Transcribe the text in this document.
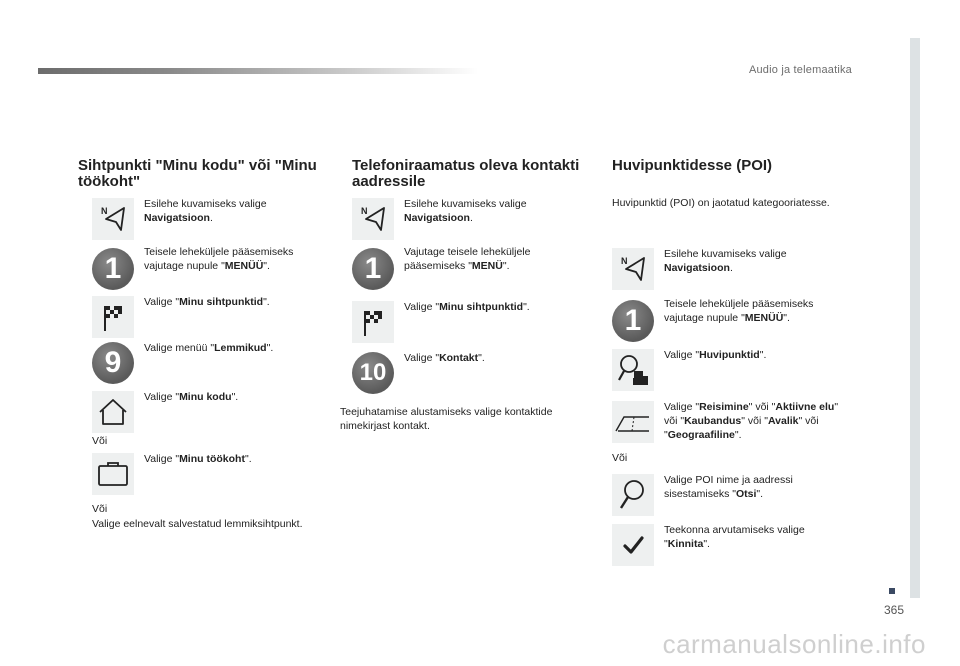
Audio ja telemaatika
365
Sihtpunkti "Minu kodu" või "Minu töökoht"
N
Esilehe kuvamiseks valige Navigatsioon.
1	Teisele leheküljele pääsemiseks vajutage nupule "MENÜÜ".
Valige "Minu sihtpunktid".
9	Valige menüü "Lemmikud".
Valige "Minu kodu".
Või
Valige "Minu töökoht".
Või
Valige eelnevalt salvestatud lemmiksihtpunkt.
Telefoniraamatus oleva kontakti aadressile
N
Esilehe kuvamiseks valige Navigatsioon.
1	Vajutage teisele leheküljele pääsemiseks "MENÜ".
Valige "Minu sihtpunktid".
10
Valige "Kontakt".
Teejuhatamise alustamiseks valige kontaktide nimekirjast kontakt.
Huvipunktidesse (POI)
Huvipunktid (POI) on jaotatud kategooriatesse.
N
Esilehe kuvamiseks valige Navigatsioon.
1	Teisele leheküljele pääsemiseks vajutage nupule "MENÜÜ".
Valige "Huvipunktid".
Valige "Reisimine" või "Aktiivne elu" või "Kaubandus" või "Avalik" või "Geograafiline".
Või
Valige POI nime ja aadressi sisestamiseks "Otsi".
Teekonna arvutamiseks valige "Kinnita".
carmanualsonline.info
